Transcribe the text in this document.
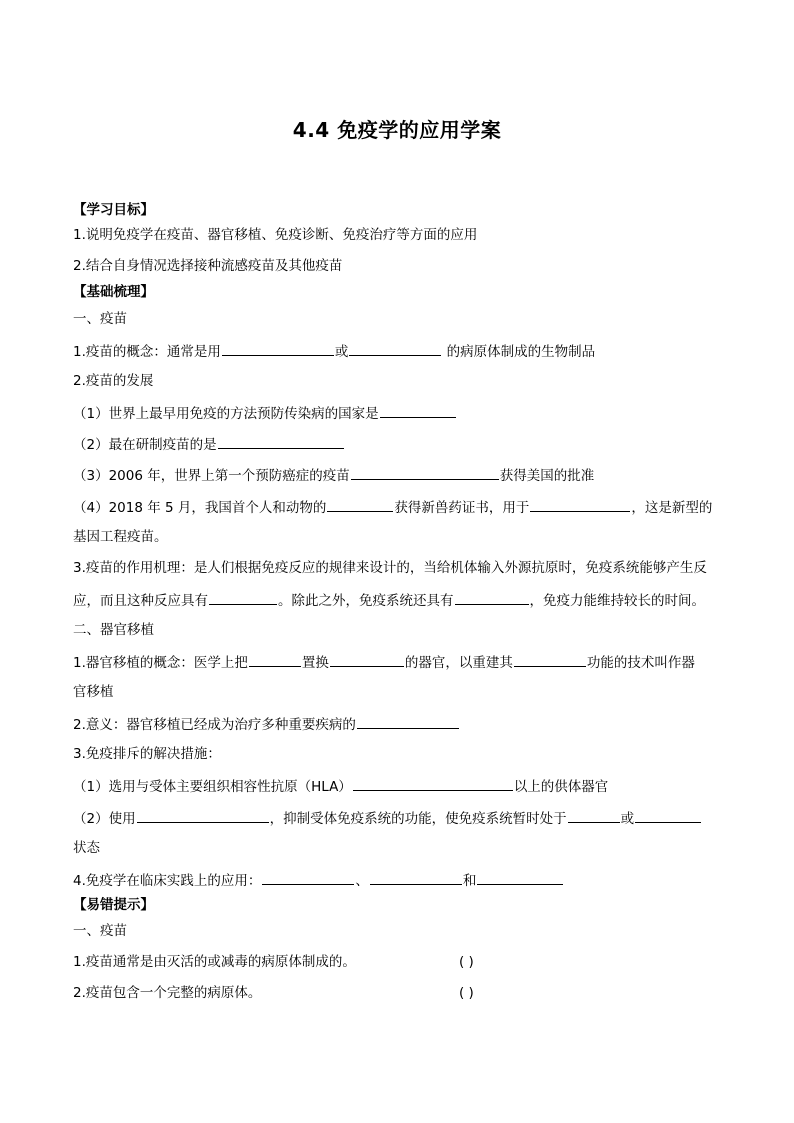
4.4 免疫学的应用学案
【学习目标】
1.说明免疫学在疫苗、器官移植、免疫诊断、免疫治疗等方面的应用
2.结合自身情况选择接种流感疫苗及其他疫苗
【基础梳理】
一、疫苗
1.疫苗的概念：通常是用	或	的病原体制成的生物制品
2.疫苗的发展
（1）世界上最早用免疫的方法预防传染病的国家是
（2）最在研制疫苗的是
（3）2006 年，世界上第一个预防癌症的疫苗	获得美国的批准
（4）2018 年 5 月，我国首个人和动物的	获得新兽药证书，用于	，这是新型的
基因工程疫苗。
3.疫苗的作用机理：是人们根据免疫反应的规律来设计的，当给机体输入外源抗原时，免疫系统能够产生反
应，而且这种反应具有	。除此之外，免疫系统还具有	，免疫力能维持较长的时间。
二、器官移植
1.器官移植的概念：医学上把	置换	的器官，以重建其	功能的技术叫作器
官移植
2.意义：器官移植已经成为治疗多种重要疾病的
3.免疫排斥的解决措施：
（1）选用与受体主要组织相容性抗原（HLA）	以上的供体器官
（2）使用	，抑制受体免疫系统的功能，使免疫系统暂时处于	或
状态
4.免疫学在临床实践上的应用：	、	和
【易错提示】
一、疫苗
1.疫苗通常是由灭活的或减毒的病原体制成的。	( )
2.疫苗包含一个完整的病原体。	( )
